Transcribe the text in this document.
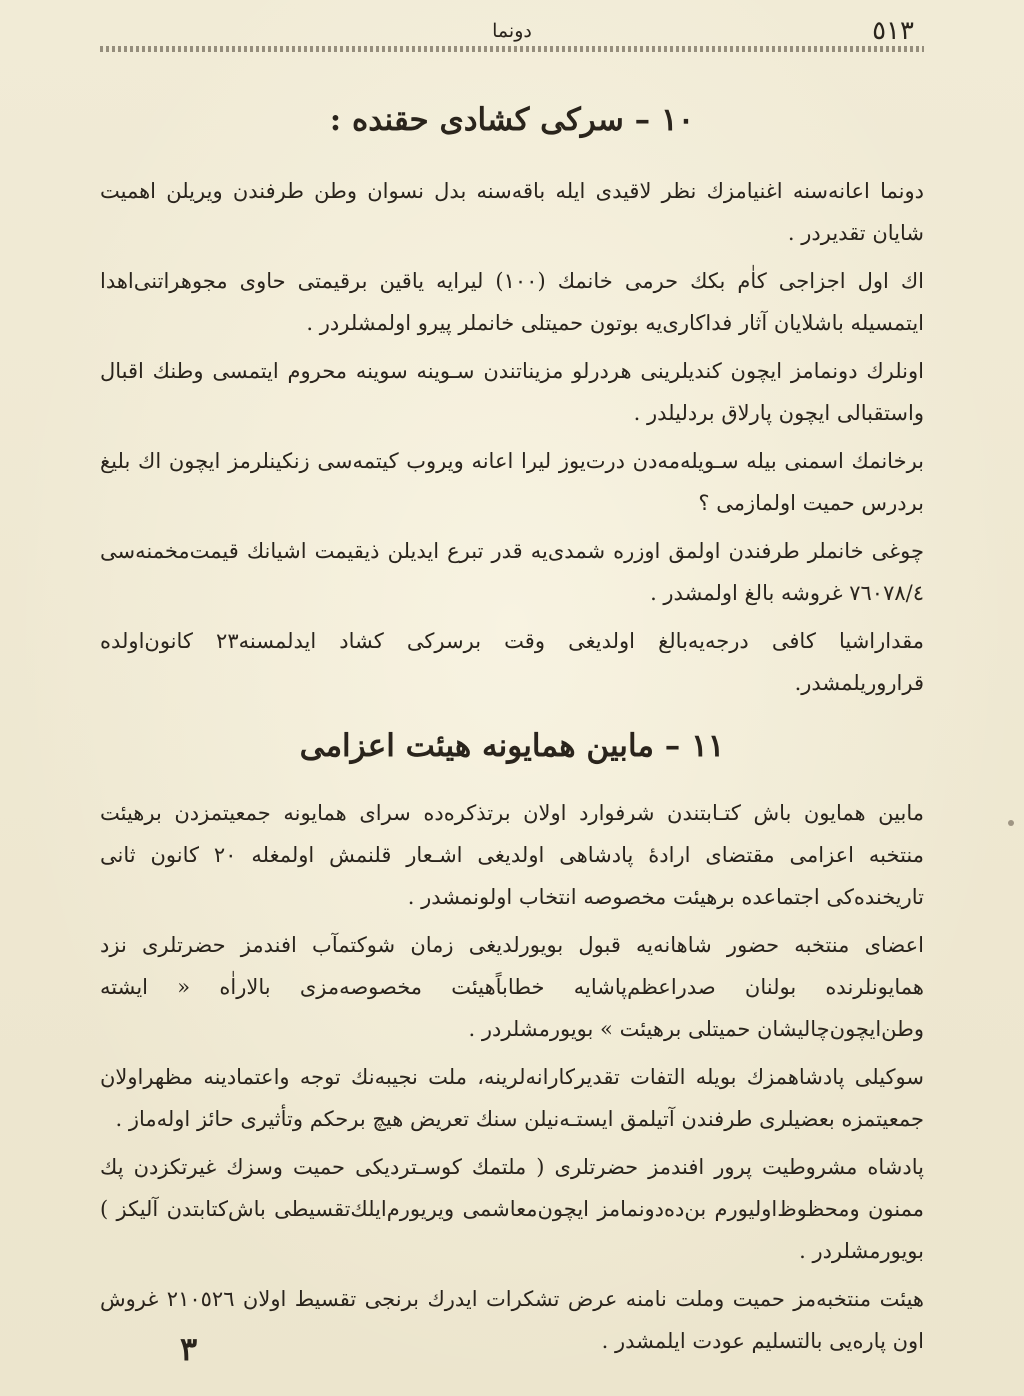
٥١٣
دونما
١٠ – سرکی کشادی حقنده :

دونما اعانه‌سنه اغنیامزك نظر لاقیدی ایله باقه‌سنه بدل نسوان وطن طرفندن ویریلن اهمیت شایان تقدیردر .

اك اول اجزاجی کاٰم بکك حرمی خانمك (١٠٠) لیرایه یاقین برقیمتی حاوی مجوهراتنی‌اهدا ایتمسیله باشلایان آثار فداکاری‌یه بوتون حمیتلی خانملر پیرو اولمشلردر .

اونلرك دونمامز ایچون کندیلرینی هردرلو مزیناتندن سـوینه سوینه محروم ایتمسی وطنك اقبال واستقبالی ایچون پارلاق بردلیلدر .

برخانمك اسمنی بیله سـویله‌مه‌دن درت‌یوز لیرا اعانه ویروب کیتمه‌سی زنکینلرمز ایچون اك بلیغ بردرس حمیت اولمازمی ؟

چوغی خانملر طرفندن اولمق اوزره شمدی‌یه قدر تبرع ایدیلن ذیقیمت اشیانك قیمت‌مخمنه‌سی ٧٦٠٧٨/٤ غروشه بالغ اولمشدر .

مقداراشیا کافی درجه‌یه‌بالغ اولدیغی وقت برسرکی کشاد ایدلمسنه٢٣ کانون‌اولده قراروریلمشدر.

١١ – مابین همایونه هیئت اعزامی

مابین همایون باش کتـابتندن شرفوارد اولان برتذکره‌ده سرای همایونه جمعیتمزدن برهیئت منتخبه اعزامی مقتضای ارادهٔ پادشاهی اولدیغی اشـعار قلنمش اولمغله ٢٠ کانون ثانی تاریخنده‌کی اجتماعده برهیئت مخصوصه انتخاب اولونمشدر .

اعضای منتخبه حضور شاهانه‌یه قبول بویورلدیغی زمان شوکتمآب افندمز حضرتلری نزد همایونلرنده بولنان صدراعظم‌پاشایه خطاباً‌هیئت مخصوصه‌مزی بالاراٰه « ایشته وطن‌ایچون‌چالیشان حمیتلی برهیئت » بویورمشلردر .

سوکیلی پادشاهمزك بویله التفات تقدیرکارانه‌لرینه، ملت نجیبه‌نك توجه واعتمادینه مظهراولان جمعیتمزه بعضیلری طرفندن آتیلمق ایستـه‌نیلن سنك تعریض هیچ برحکم وتأثیری حائز اوله‌ماز .

پادشاه مشروطیت پرور افندمز حضرتلری ( ملتمك کوسـتردیکی حمیت وسزك غیرتکزدن پك ممنون ومحظوظ‌اولیورم بن‌ده‌دونمامز ایچون‌معاشمی ویریورم‌ایلك‌تقسیطی باش‌کتابتدن آلیکز ) بویورمشلردر .

هیئت منتخبه‌مز حمیت وملت نامنه عرض تشکرات ایدرك برنجی تقسیط اولان ٢١٠٥٢٦ غروش اون پاره‌یی بالتسلیم عودت ایلمشدر .

٣
